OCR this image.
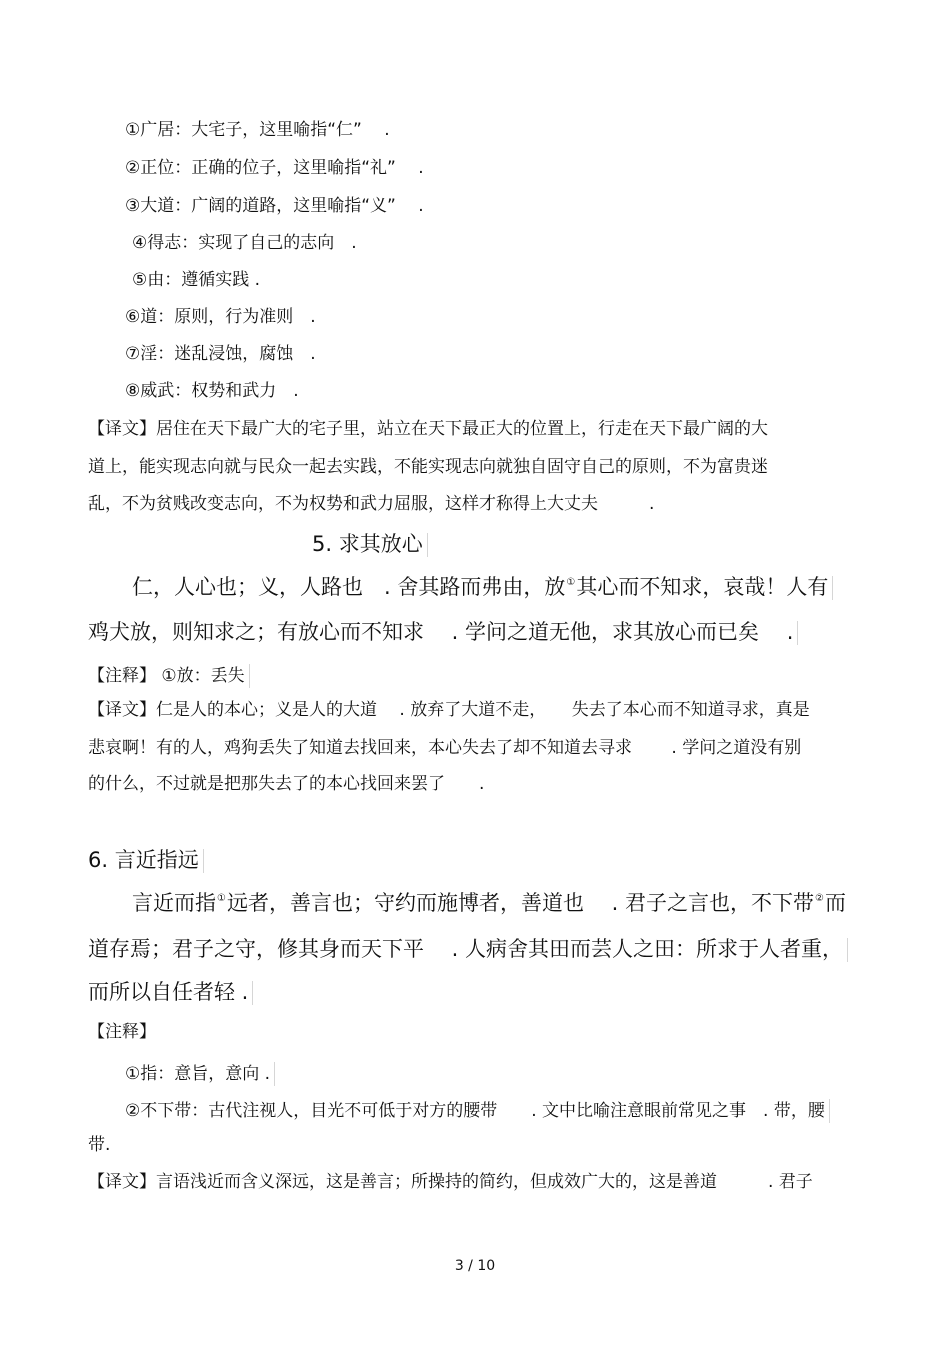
①广居：大宅子，这里喻指“仁”　 .
②正位：正确的位子，这里喻指“礼”　 .
③大道：广阔的道路，这里喻指“义”　 .
④得志：实现了自己的志向　.
⑤由：遵循实践 .
⑥道：原则，行为准则　.
⑦淫：迷乱浸蚀，腐蚀　.
⑧威武：权势和武力　.
【译文】居住在天下最广大的宅子里，站立在天下最正大的位置上，行走在天下最广阔的大
道上，能实现志向就与民众一起去实践，不能实现志向就独自固守自己的原则，不为富贵迷
乱，不为贫贱改变志向，不为权势和武力屈服，这样才称得上大丈夫　　　.
5. 求其放心
仁，人心也；义，人路也　. 舍其路而弗由，放①其心而不知求，哀哉！人有
鸡犬放，则知求之；有放心而不知求　 . 学问之道无他，求其放心而已矣　 .
【注释】 ①放：丢失
【译文】仁是人的本心；义是人的大道　 . 放弃了大道不走，　　失去了本心而不知道寻求，真是
悲哀啊！有的人，鸡狗丢失了知道去找回来，本心失去了却不知道去寻求　　 . 学问之道没有别
的什么，不过就是把那失去了的本心找回来罢了　　.
6. 言近指远
言近而指①远者，善言也；守约而施博者，善道也　 . 君子之言也，不下带②而
道存焉；君子之守，修其身而天下平　 . 人病舍其田而芸人之田：所求于人者重，
而所以自任者轻 .
【注释】
①指：意旨，意向 .
②不下带：古代注视人，目光不可低于对方的腰带　　. 文中比喻注意眼前常见之事　. 带，腰
带.
【译文】言语浅近而含义深远，这是善言；所操持的简约，但成效广大的，这是善道　　　. 君子
3 / 10
